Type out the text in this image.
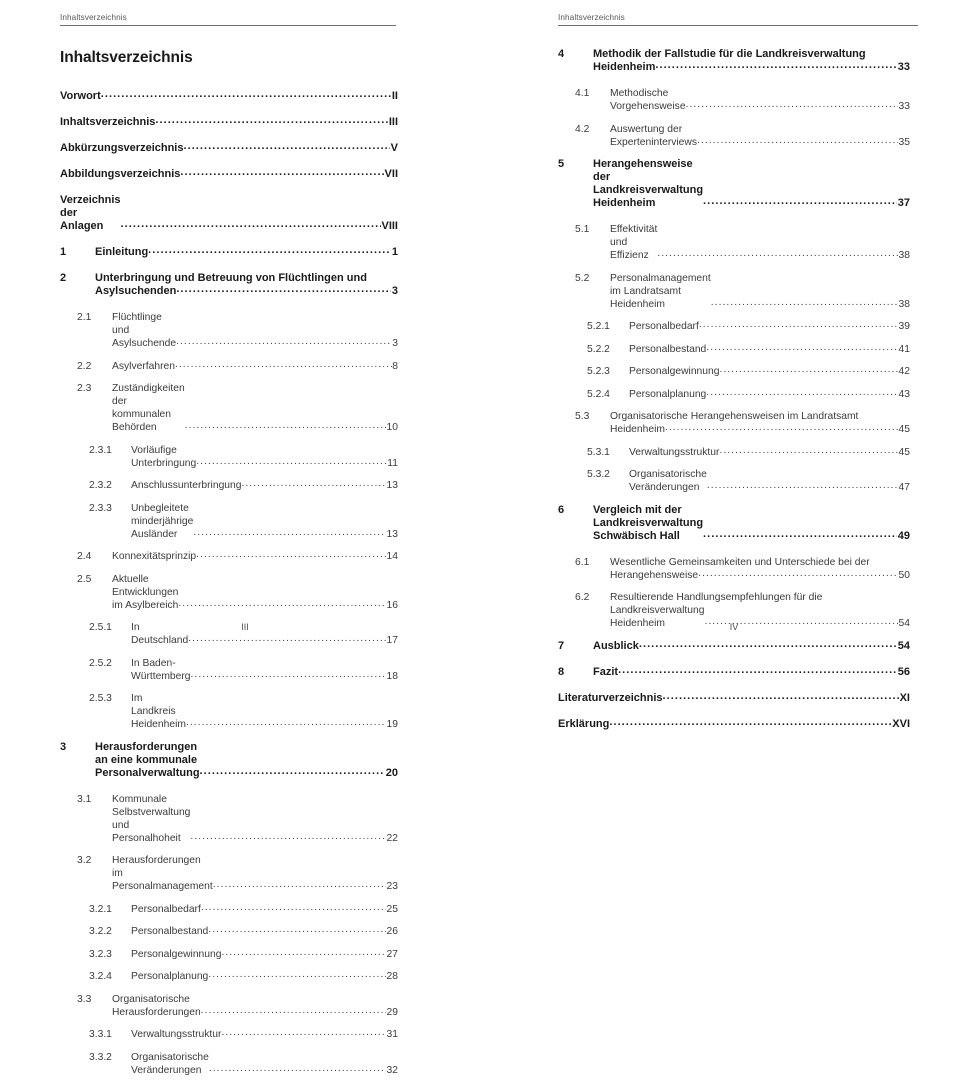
Inhaltsverzeichnis
Inhaltsverzeichnis
Vorwort .....	II
Inhaltsverzeichnis .....	III
Abkürzungsverzeichnis .....	V
Abbildungsverzeichnis .....	VII
Verzeichnis der Anlagen .....	VIII
1	Einleitung .....	1
2	Unterbringung und Betreuung von Flüchtlingen und
Asylsuchenden .....	3
2.1	Flüchtlinge und Asylsuchende .....	3
2.2	Asylverfahren .....	8
2.3	Zuständigkeiten der kommunalen Behörden .....	10
2.3.1	Vorläufige Unterbringung .....	11
2.3.2	Anschlussunterbringung .....	13
2.3.3	Unbegleitete minderjährige Ausländer .....	13
2.4	Konnexitätsprinzip .....	14
2.5	Aktuelle Entwicklungen im Asylbereich .....	16
2.5.1	In Deutschland .....	17
2.5.2	In Baden-Württemberg .....	18
2.5.3	Im Landkreis Heidenheim .....	19
3	Herausforderungen an eine kommunale Personalverwaltung .....	20
3.1	Kommunale Selbstverwaltung und Personalhoheit .....	22
3.2	Herausforderungen im Personalmanagement .....	23
3.2.1	Personalbedarf .....	25
3.2.2	Personalbestand .....	26
3.2.3	Personalgewinnung .....	27
3.2.4	Personalplanung .....	28
3.3	Organisatorische Herausforderungen .....	29
3.3.1	Verwaltungsstruktur .....	31
3.3.2	Organisatorische Veränderungen .....	32
III
Inhaltsverzeichnis
4	Methodik der Fallstudie für die Landkreisverwaltung
Heidenheim .....	33
4.1	Methodische Vorgehensweise .....	33
4.2	Auswertung der Experteninterviews .....	35
5	Herangehensweise der Landkreisverwaltung Heidenheim .....	37
5.1	Effektivität und Effizienz .....	38
5.2	Personalmanagement im Landratsamt Heidenheim .....	38
5.2.1	Personalbedarf .....	39
5.2.2	Personalbestand .....	41
5.2.3	Personalgewinnung .....	42
5.2.4	Personalplanung .....	43
5.3	Organisatorische Herangehensweisen im Landratsamt
Heidenheim .....	45
5.3.1	Verwaltungsstruktur .....	45
5.3.2	Organisatorische Veränderungen .....	47
6	Vergleich mit der Landkreisverwaltung Schwäbisch Hall .....	49
6.1	Wesentliche Gemeinsamkeiten und Unterschiede bei der
Herangehensweise .....	50
6.2	Resultierende Handlungsempfehlungen für die
Landkreisverwaltung Heidenheim .....	54
7	Ausblick .....	54
8	Fazit .....	56
Literaturverzeichnis .....	XI
Erklärung .....	XVI
IV
